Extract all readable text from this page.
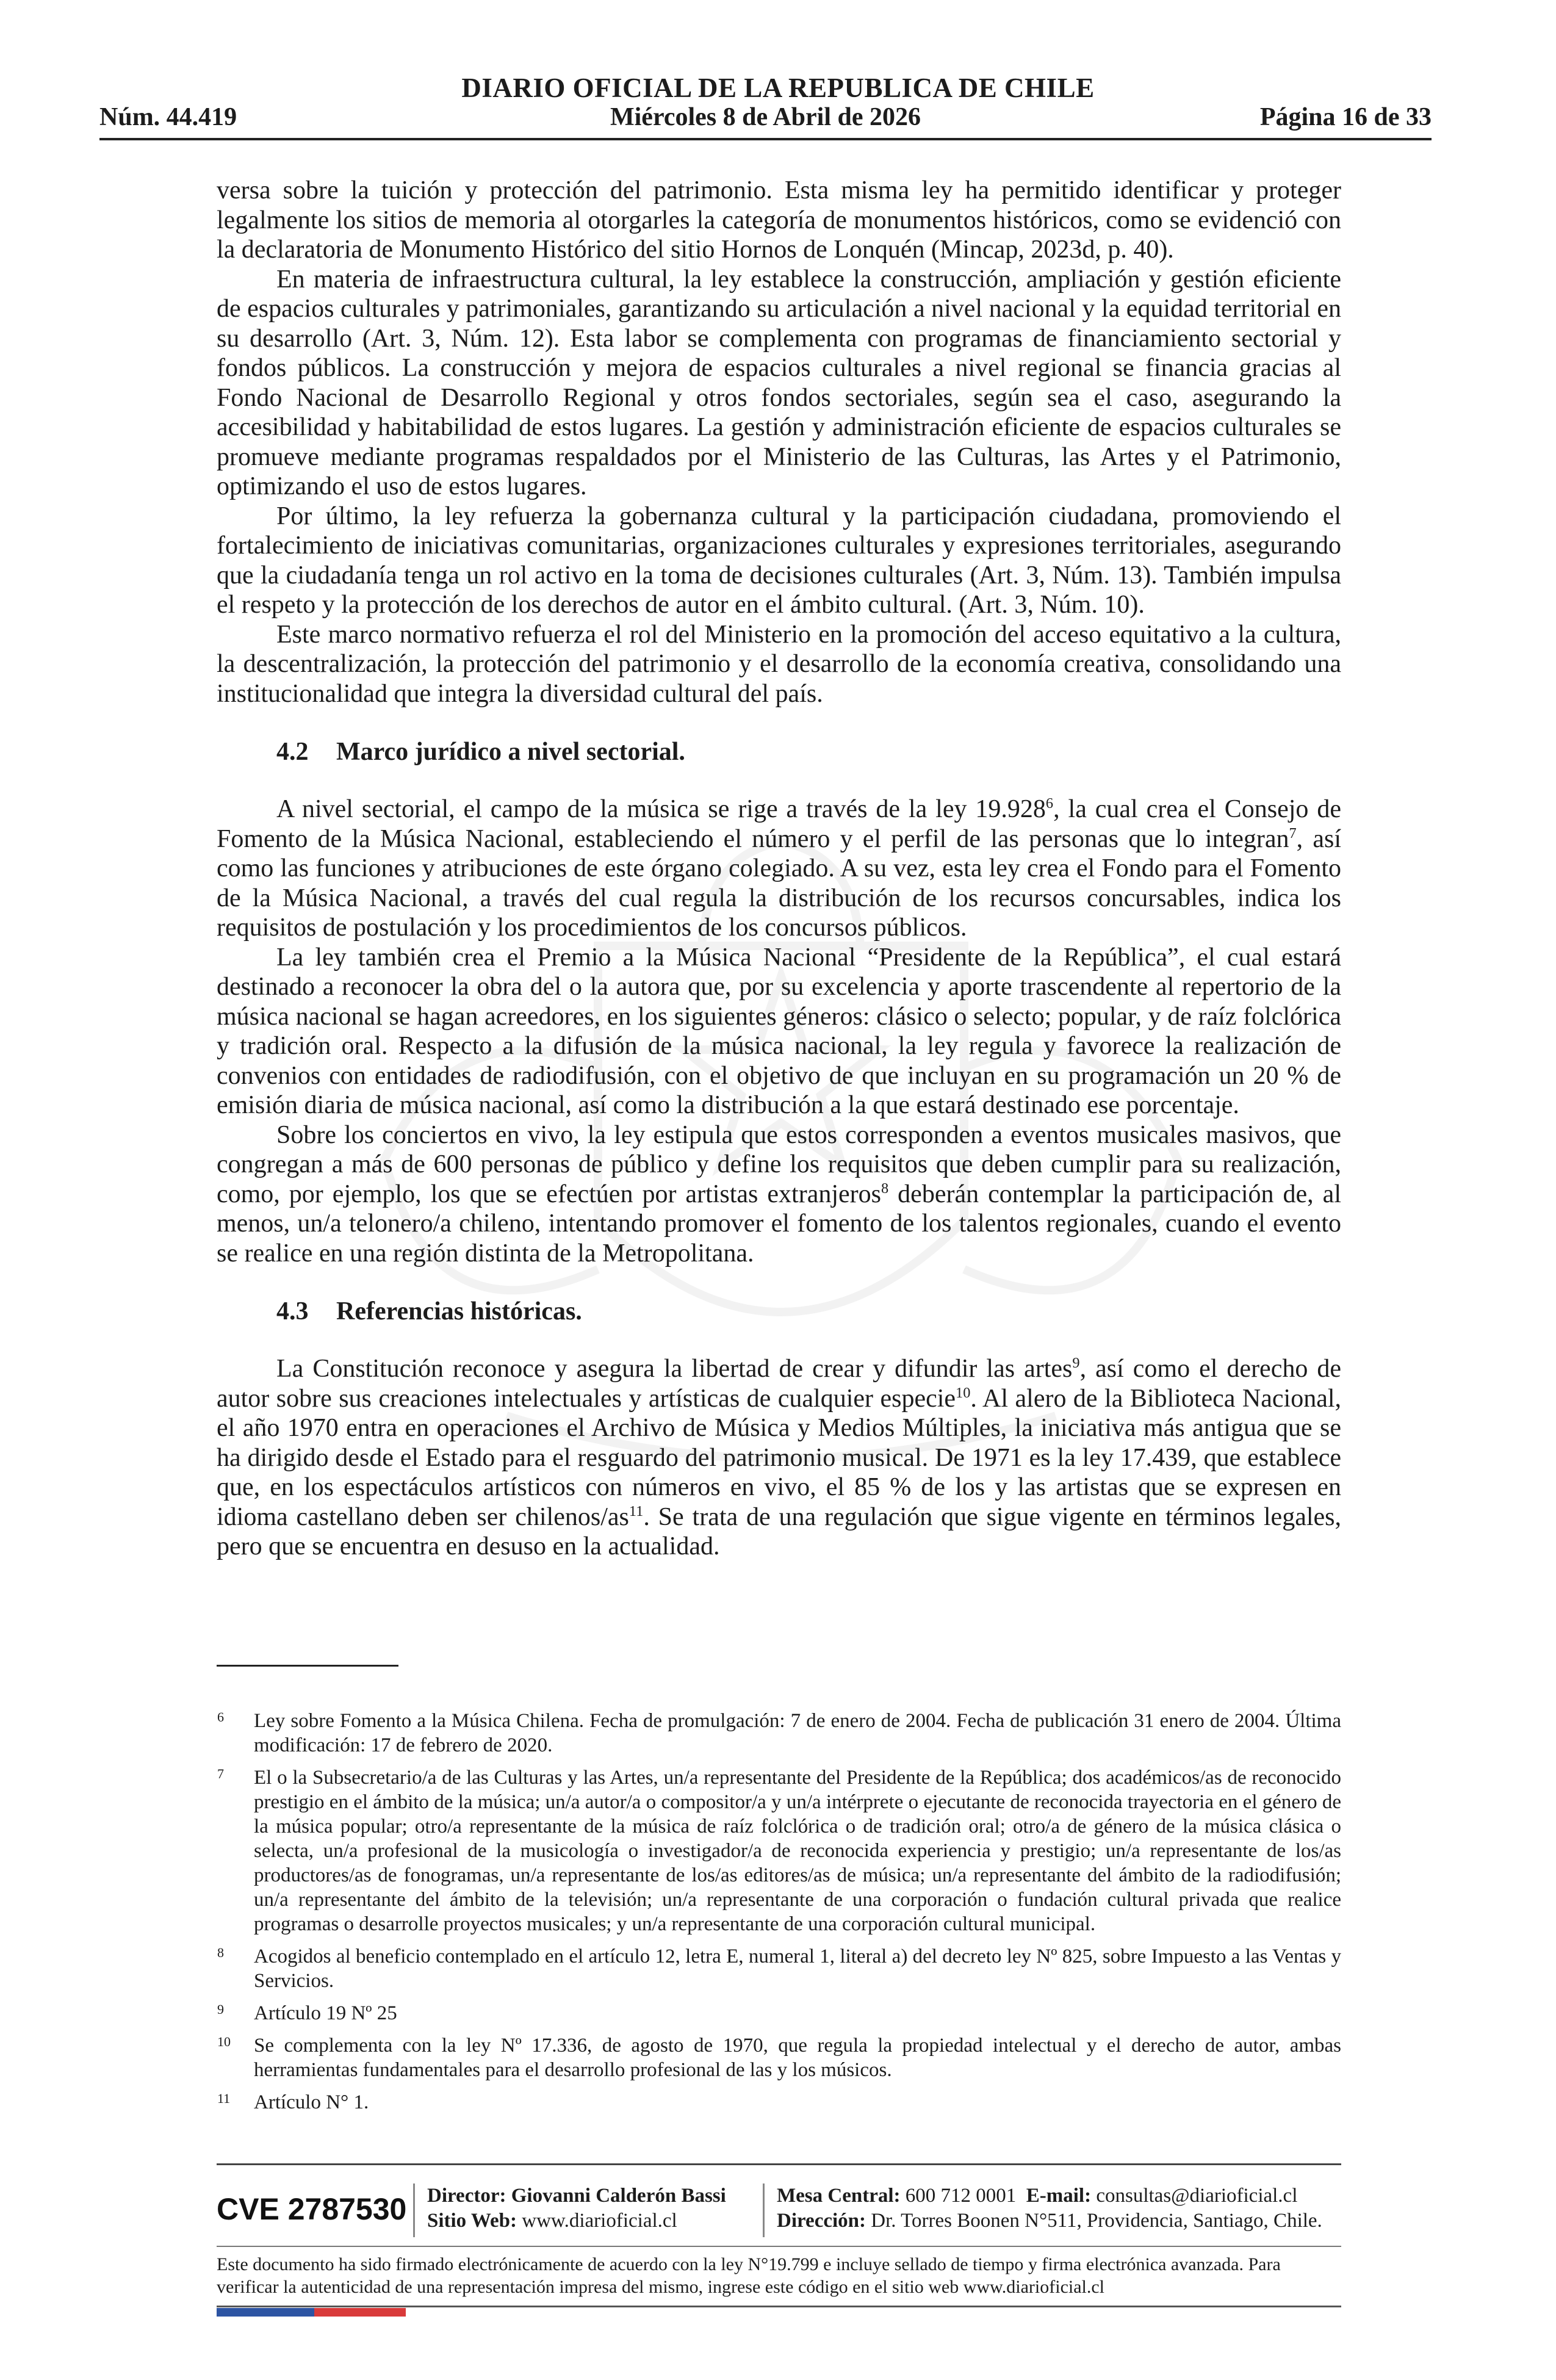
DIARIO OFICIAL DE LA REPUBLICA DE CHILE
Miércoles 8 de Abril de 2026
Núm. 44.419	Página 16 de 33

versa sobre la tuición y protección del patrimonio. Esta misma ley ha permitido identificar y proteger legalmente los sitios de memoria al otorgarles la categoría de monumentos históricos, como se evidenció con la declaratoria de Monumento Histórico del sitio Hornos de Lonquén (Mincap, 2023d, p. 40).

En materia de infraestructura cultural, la ley establece la construcción, ampliación y gestión eficiente de espacios culturales y patrimoniales, garantizando su articulación a nivel nacional y la equidad territorial en su desarrollo (Art. 3, Núm. 12). Esta labor se complementa con programas de financiamiento sectorial y fondos públicos. La construcción y mejora de espacios culturales a nivel regional se financia gracias al Fondo Nacional de Desarrollo Regional y otros fondos sectoriales, según sea el caso, asegurando la accesibilidad y habitabilidad de estos lugares. La gestión y administración eficiente de espacios culturales se promueve mediante programas respaldados por el Ministerio de las Culturas, las Artes y el Patrimonio, optimizando el uso de estos lugares.

Por último, la ley refuerza la gobernanza cultural y la participación ciudadana, promoviendo el fortalecimiento de iniciativas comunitarias, organizaciones culturales y expresiones territoriales, asegurando que la ciudadanía tenga un rol activo en la toma de decisiones culturales (Art. 3, Núm. 13). También impulsa el respeto y la protección de los derechos de autor en el ámbito cultural. (Art. 3, Núm. 10).

Este marco normativo refuerza el rol del Ministerio en la promoción del acceso equitativo a la cultura, la descentralización, la protección del patrimonio y el desarrollo de la economía creativa, consolidando una institucionalidad que integra la diversidad cultural del país.

4.2	Marco jurídico a nivel sectorial.

A nivel sectorial, el campo de la música se rige a través de la ley 19.928$^6$, la cual crea el Consejo de Fomento de la Música Nacional, estableciendo el número y el perfil de las personas que lo integran$^7$, así como las funciones y atribuciones de este órgano colegiado. A su vez, esta ley crea el Fondo para el Fomento de la Música Nacional, a través del cual regula la distribución de los recursos concursables, indica los requisitos de postulación y los procedimientos de los concursos públicos.

La ley también crea el Premio a la Música Nacional “Presidente de la República”, el cual estará destinado a reconocer la obra del o la autora que, por su excelencia y aporte trascendente al repertorio de la música nacional se hagan acreedores, en los siguientes géneros: clásico o selecto; popular, y de raíz folclórica y tradición oral. Respecto a la difusión de la música nacional, la ley regula y favorece la realización de convenios con entidades de radiodifusión, con el objetivo de que incluyan en su programación un 20 % de emisión diaria de música nacional, así como la distribución a la que estará destinado ese porcentaje.

Sobre los conciertos en vivo, la ley estipula que estos corresponden a eventos musicales masivos, que congregan a más de 600 personas de público y define los requisitos que deben cumplir para su realización, como, por ejemplo, los que se efectúen por artistas extranjeros$^8$ deberán contemplar la participación de, al menos, un/a telonero/a chileno, intentando promover el fomento de los talentos regionales, cuando el evento se realice en una región distinta de la Metropolitana.

4.3	Referencias históricas.

La Constitución reconoce y asegura la libertad de crear y difundir las artes$^9$, así como el derecho de autor sobre sus creaciones intelectuales y artísticas de cualquier especie$^{10}$. Al alero de la Biblioteca Nacional, el año 1970 entra en operaciones el Archivo de Música y Medios Múltiples, la iniciativa más antigua que se ha dirigido desde el Estado para el resguardo del patrimonio musical. De 1971 es la ley 17.439, que establece que, en los espectáculos artísticos con números en vivo, el 85 % de los y las artistas que se expresen en idioma castellano deben ser chilenos/$as^{11}$. Se trata de una regulación que sigue vigente en términos legales, pero que se encuentra en desuso en la actualidad.

6	Ley sobre Fomento a la Música Chilena. Fecha de promulgación: 7 de enero de 2004. Fecha de publicación 31 enero de 2004. Última modificación: 17 de febrero de 2020.
7	El o la Subsecretario/a de las Culturas y las Artes, un/a representante del Presidente de la República; dos académicos/as de reconocido prestigio en el ámbito de la música; un/a autor/a o compositor/a y un/a intérprete o ejecutante de reconocida trayectoria en el género de la música popular; otro/a representante de la música de raíz folclórica o de tradición oral; otro/a de género de la música clásica o selecta, un/a profesional de la musicología o investigador/a de reconocida experiencia y prestigio; un/a representante de los/as productores/as de fonogramas, un/a representante de los/as editores/as de música; un/a representante del ámbito de la radiodifusión; un/a representante del ámbito de la televisión; un/a representante de una corporación o fundación cultural privada que realice programas o desarrolle proyectos musicales; y un/a representante de una corporación cultural municipal.
8	Acogidos al beneficio contemplado en el artículo 12, letra E, numeral 1, literal a) del decreto ley Nº 825, sobre Impuesto a las Ventas y Servicios.
9	Artículo 19 Nº 25
10	Se complementa con la ley Nº 17.336, de agosto de 1970, que regula la propiedad intelectual y el derecho de autor, ambas herramientas fundamentales para el desarrollo profesional de las y los músicos.
11	Artículo N° 1.
CVE 2787530 Director: Giovanni Calderón Bassi
Sitio Web: www.diarioficial.cl
Mesa Central: 600 712 0001 E-mail: consultas@diarioficial.cl
Dirección: Dr. Torres Boonen N°511, Providencia, Santiago, Chile.
Este documento ha sido firmado electrónicamente de acuerdo con la ley N°19.799 e incluye sellado de tiempo y firma electrónica avanzada. Para verificar la autenticidad de una representación impresa del mismo, ingrese este código en el sitio web www.diarioficial.cl
